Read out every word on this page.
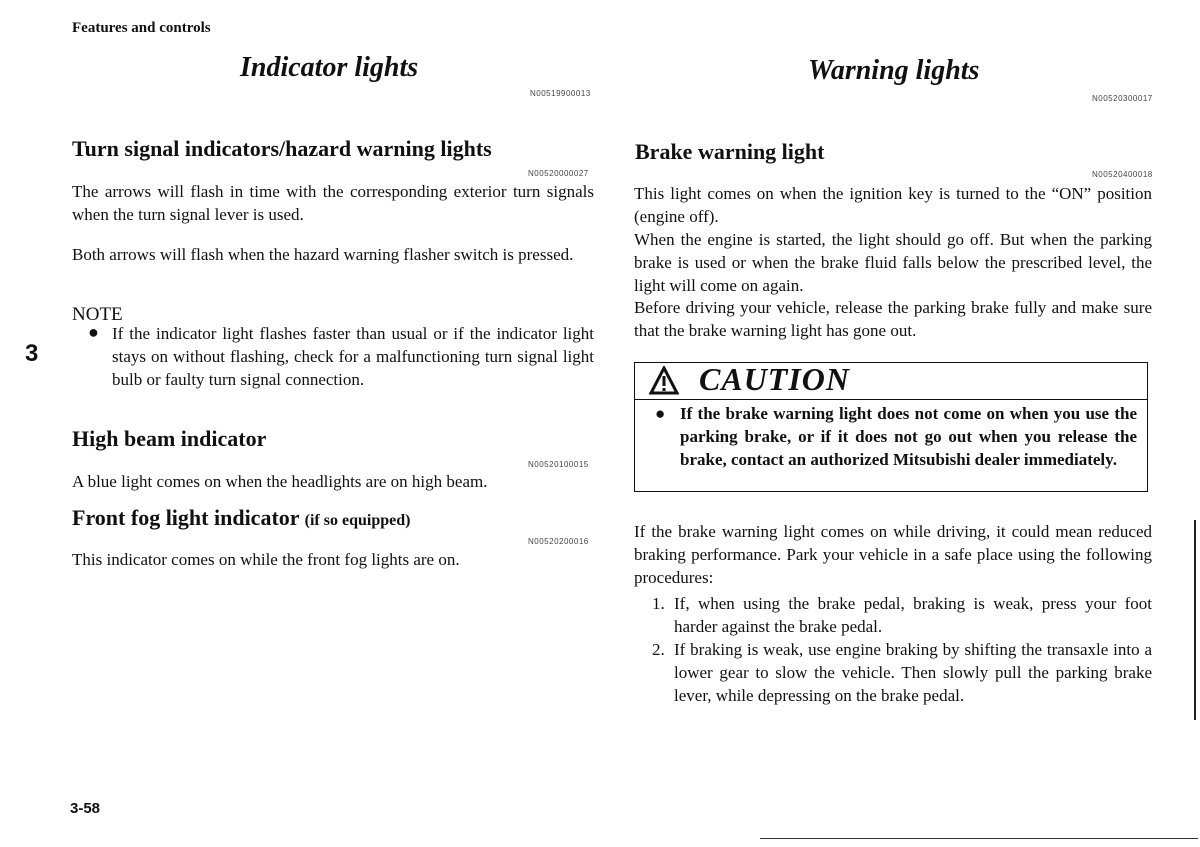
Features and controls
3
Indicator lights
N00519900013
Turn signal indicators/hazard warning lights
N00520000027
The arrows will flash in time with the corresponding exterior turn signals when the turn signal lever is used.
Both arrows will flash when the hazard warning flasher switch is pressed.
NOTE
● If the indicator light flashes faster than usual or if the indicator light stays on without flashing, check for a malfunctioning turn signal light bulb or faulty turn signal connection.
High beam indicator
N00520100015
A blue light comes on when the headlights are on high beam.
Front fog light indicator (if so equipped)
N00520200016
This indicator comes on while the front fog lights are on.
3-58
Warning lights
N00520300017
Brake warning light
N00520400018
This light comes on when the ignition key is turned to the “ON” position (engine off).
When the engine is started, the light should go off. But when the parking brake is used or when the brake fluid falls below the prescribed level, the light will come on again.
Before driving your vehicle, release the parking brake fully and make sure that the brake warning light has gone out.
CAUTION
● If the brake warning light does not come on when you use the parking brake, or if it does not go out when you release the brake, contact an authorized Mitsubishi dealer immediately.
If the brake warning light comes on while driving, it could mean reduced braking performance. Park your vehicle in a safe place using the following procedures:
1. If, when using the brake pedal, braking is weak, press your foot harder against the brake pedal.
2. If braking is weak, use engine braking by shifting the transaxle into a lower gear to slow the vehicle. Then slowly pull the parking brake lever, while depressing on the brake pedal.
